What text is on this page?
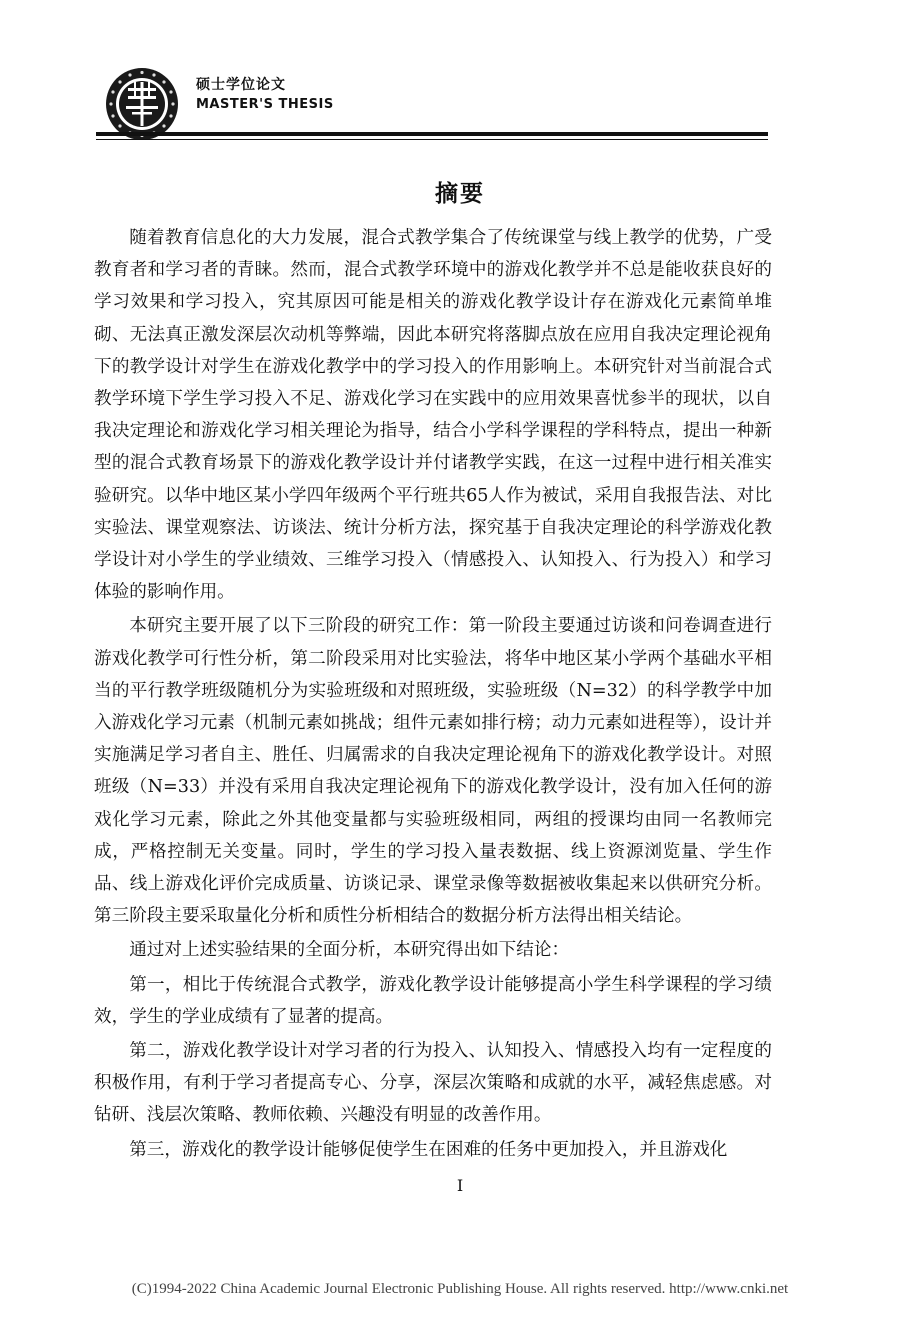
硕士学位论文
MASTER'S THESIS
摘要

随着教育信息化的大力发展，混合式教学集合了传统课堂与线上教学的优势，广受教育者和学习者的青睐。然而，混合式教学环境中的游戏化教学并不总是能收获良好的学习效果和学习投入，究其原因可能是相关的游戏化教学设计存在游戏化元素简单堆砌、无法真正激发深层次动机等弊端，因此本研究将落脚点放在应用自我决定理论视角下的教学设计对学生在游戏化教学中的学习投入的作用影响上。本研究针对当前混合式教学环境下学生学习投入不足、游戏化学习在实践中的应用效果喜忧参半的现状，以自我决定理论和游戏化学习相关理论为指导，结合小学科学课程的学科特点，提出一种新型的混合式教育场景下的游戏化教学设计并付诸教学实践，在这一过程中进行相关准实验研究。以华中地区某小学四年级两个平行班共65人作为被试，采用自我报告法、对比实验法、课堂观察法、访谈法、统计分析方法，探究基于自我决定理论的科学游戏化教学设计对小学生的学业绩效、三维学习投入（情感投入、认知投入、行为投入）和学习体验的影响作用。

本研究主要开展了以下三阶段的研究工作：第一阶段主要通过访谈和问卷调查进行游戏化教学可行性分析，第二阶段采用对比实验法，将华中地区某小学两个基础水平相当的平行教学班级随机分为实验班级和对照班级，实验班级（N=32）的科学教学中加入游戏化学习元素（机制元素如挑战；组件元素如排行榜；动力元素如进程等），设计并实施满足学习者自主、胜任、归属需求的自我决定理论视角下的游戏化教学设计。对照班级（N=33）并没有采用自我决定理论视角下的游戏化教学设计，没有加入任何的游戏化学习元素，除此之外其他变量都与实验班级相同，两组的授课均由同一名教师完成，严格控制无关变量。同时，学生的学习投入量表数据、线上资源浏览量、学生作品、线上游戏化评价完成质量、访谈记录、课堂录像等数据被收集起来以供研究分析。第三阶段主要采取量化分析和质性分析相结合的数据分析方法得出相关结论。

通过对上述实验结果的全面分析，本研究得出如下结论：

第一，相比于传统混合式教学，游戏化教学设计能够提高小学生科学课程的学习绩效，学生的学业成绩有了显著的提高。

第二，游戏化教学设计对学习者的行为投入、认知投入、情感投入均有一定程度的积极作用，有利于学习者提高专心、分享，深层次策略和成就的水平，减轻焦虑感。对钻研、浅层次策略、教师依赖、兴趣没有明显的改善作用。

第三，游戏化的教学设计能够促使学生在困难的任务中更加投入，并且游戏化

I
(C)1994-2022 China Academic Journal Electronic Publishing House. All rights reserved. http://www.cnki.net
